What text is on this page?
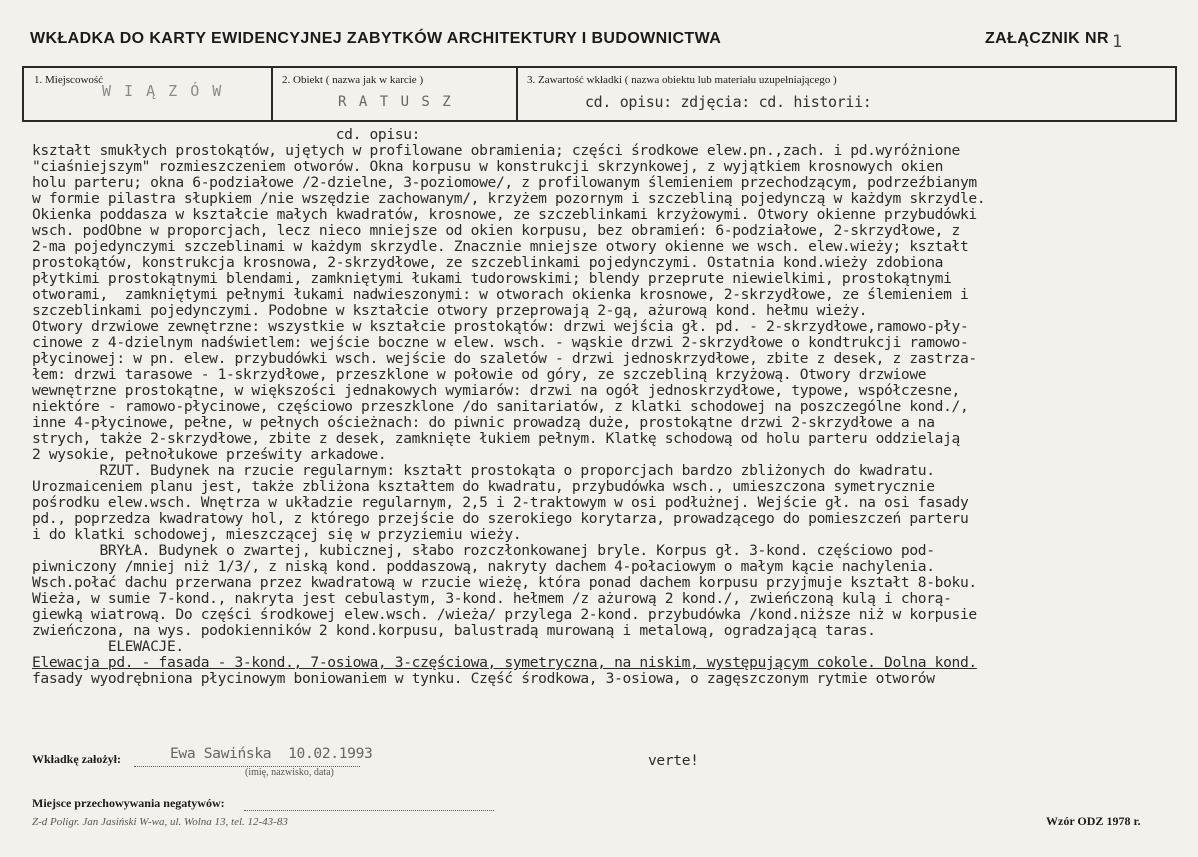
WKŁADKA DO KARTY EWIDENCYJNEJ ZABYTKÓW ARCHITEKTURY I BUDOWNICTWA	ZAŁĄCZNIK NR 1
1. Miejscowość
W I Ą Z Ó W
2. Obiekt ( nazwa jak w karcie )
R A T U S Z
3. Zawartość wkładki ( nazwa obiektu lub materiału uzupełniającego )
cd. opisu: zdjęcia: cd. historii:
cd. opisu:
kształt smukłych prostokątów, ujętych w profilowane obramienia; części środkowe elew.pn.,zach. i pd.wyróżnione
"ciaśniejszym" rozmieszczeniem otworów. Okna korpusu w konstrukcji skrzynkowej, z wyjątkiem krosnowych okien
holu parteru; okna 6-podziałowe /2-dzielne, 3-poziomowe/, z profilowanym ślemieniem przechodzącym, podrzeźbianym
w formie pilastra słupkiem /nie wszędzie zachowanym/, krzyżem pozornym i szczebliną pojedynczą w każdym skrzydle.
Okienka poddasza w kształcie małych kwadratów, krosnowe, ze szczeblinkami krzyżowymi. Otwory okienne przybudówki
wsch. podObne w proporcjach, lecz nieco mniejsze od okien korpusu, bez obramień: 6-podziałowe, 2-skrzydłowe, z
2-ma pojedynczymi szczeblinami w każdym skrzydle. Znacznie mniejsze otwory okienne we wsch. elew.wieży; kształt
prostokątów, konstrukcja krosnowa, 2-skrzydłowe, ze szczeblinkami pojedynczymi. Ostatnia kond.wieży zdobiona
płytkimi prostokątnymi blendami, zamkniętymi łukami tudorowskimi; blendy przeprute niewielkimi, prostokątnymi
otworami,  zamkniętymi pełnymi łukami nadwieszonymi: w otworach okienka krosnowe, 2-skrzydłowe, ze ślemieniem i
szczeblinkami pojedynczymi. Podobne w kształcie otwory przeprowają 2-gą, ażurową kond. hełmu wieży.
Otwory drzwiowe zewnętrzne: wszystkie w kształcie prostokątów: drzwi wejścia gł. pd. - 2-skrzydłowe,ramowo-pły-
cinowe z 4-dzielnym nadświetlem: wejście boczne w elew. wsch. - wąskie drzwi 2-skrzydłowe o kondtrukcji ramowo-
płycinowej: w pn. elew. przybudówki wsch. wejście do szaletów - drzwi jednoskrzydłowe, zbite z desek, z zastrza-
łem: drzwi tarasowe - 1-skrzydłowe, przeszklone w połowie od góry, ze szczebliną krzyżową. Otwory drzwiowe
wewnętrzne prostokątne, w większości jednakowych wymiarów: drzwi na ogół jednoskrzydłowe, typowe, współczesne,
niektóre - ramowo-płycinowe, częściowo przeszklone /do sanitariatów, z klatki schodowej na poszczególne kond./,
inne 4-płycinowe, pełne, w pełnych ościeżnach: do piwnic prowadzą duże, prostokątne drzwi 2-skrzydłowe a na
strych, także 2-skrzydłowe, zbite z desek, zamknięte łukiem pełnym. Klatkę schodową od holu parteru oddzielają
2 wysokie, pełnołukowe prześwity arkadowe.
RZUT. Budynek na rzucie regularnym: kształt prostokąta o proporcjach bardzo zbliżonych do kwadratu.
Urozmaiceniem planu jest, także zbliżona kształtem do kwadratu, przybudówka wsch., umieszczona symetrycznie
pośrodku elew.wsch. Wnętrza w układzie regularnym, 2,5 i 2-traktowym w osi podłużnej. Wejście gł. na osi fasady
pd., poprzedza kwadratowy hol, z którego przejście do szerokiego korytarza, prowadzącego do pomieszczeń parteru
i do klatki schodowej, mieszczącej się w przyziemiu wieży.
BRYŁA. Budynek o zwartej, kubicznej, słabo rozczłonkowanej bryle. Korpus gł. 3-kond. częściowo pod-
piwniczony /mniej niż 1/3/, z niską kond. poddaszową, nakryty dachem 4-połaciowym o małym kącie nachylenia.
Wsch.połać dachu przerwana przez kwadratową w rzucie wieżę, która ponad dachem korpusu przyjmuje kształt 8-boku.
Wieża, w sumie 7-kond., nakryta jest cebulastym, 3-kond. hełmem /z ażurową 2 kond./, zwieńczoną kulą i chorą-
giewką wiatrową. Do części środkowej elew.wsch. /wieża/ przylega 2-kond. przybudówka /kond.niższe niż w korpusie
zwieńczona, na wys. podokienników 2 kond.korpusu, balustradą murowaną i metalową, ogradzającą taras.
ELEWACJE.
Elewacja pd. - fasada - 3-kond., 7-osiowa, 3-częściowa, symetryczna, na niskim, występującym cokole. Dolna kond.
fasady wyodrębniona płycinowym boniowaniem w tynku. Część środkowa, 3-osiowa, o zagęszczonym rytmie otworów
Wkładkę założył:	Ewa Sawińska  10.02.1993
(imię, nazwisko, data)
verte!
Miejsce przechowywania negatywów:
Z-d Poligr. Jan Jasiński W-wa, ul. Wolna 13, tel. 12-43-83	Wzór ODZ 1978 r.
